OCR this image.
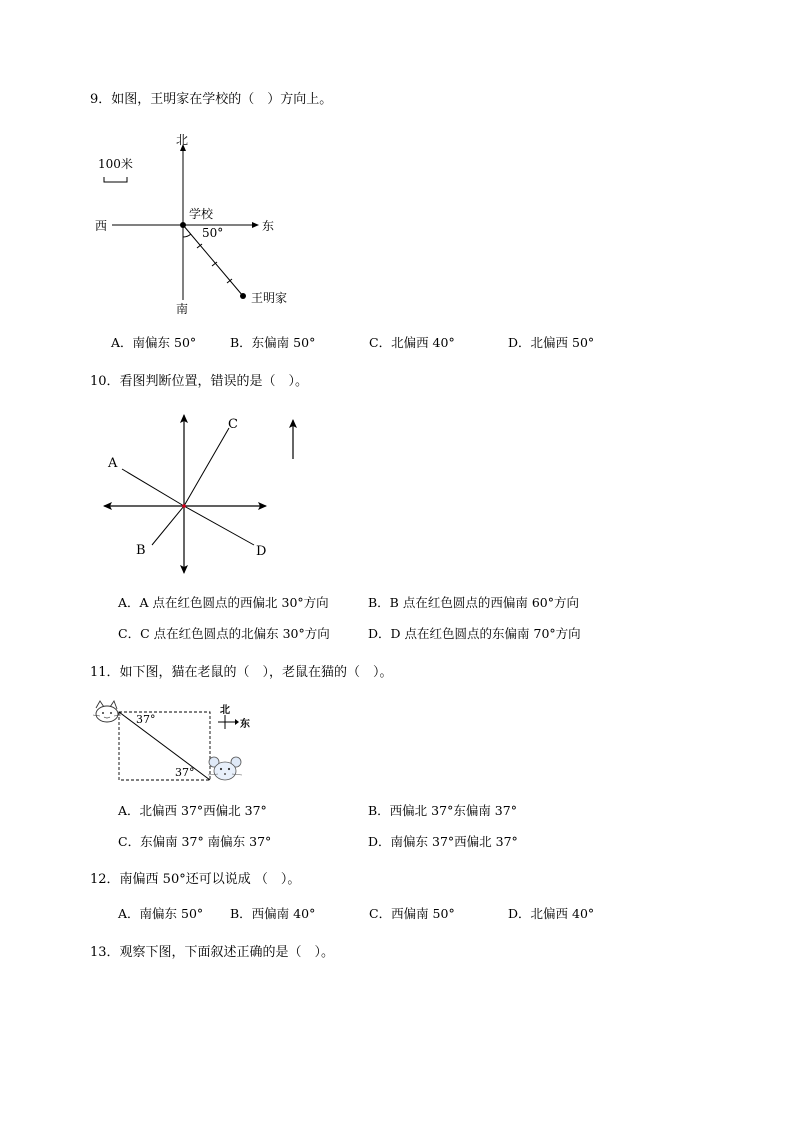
9．如图，王明家在学校的（　）方向上。
北
南
西	东
100米
学校
50°
王明家
A．南偏东 50°	B．东偏南 50°	C．北偏西 40°	D．北偏西 50°
10．看图判断位置，错误的是（　）。
A
C
B	D
A．A 点在红色圆点的西偏北 30°方向	B．B 点在红色圆点的西偏南 60°方向
C．C 点在红色圆点的北偏东 30°方向	D．D 点在红色圆点的东偏南 70°方向
11．如下图，猫在老鼠的（　），老鼠在猫的（　）。
北
东
37°
37°
A．北偏西 37°西偏北 37°	B．西偏北 37°东偏南 37°
C．东偏南 37° 南偏东 37°	D．南偏东 37°西偏北 37°
12．南偏西 50°还可以说成 （　）。
A．南偏东 50° B．西偏南 40°	C．西偏南 50°	D．北偏西 40°
13．观察下图，下面叙述正确的是（　）。
